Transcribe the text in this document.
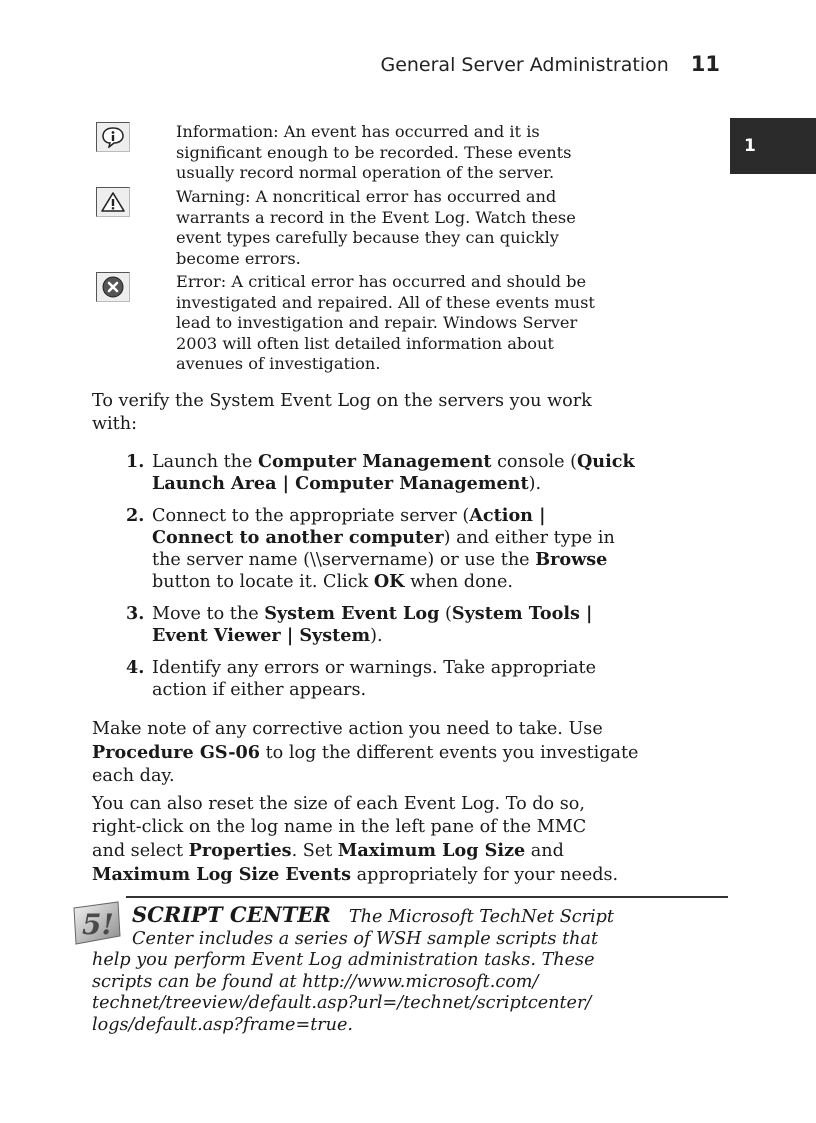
General Server Administration 11
1
Information: An event has occurred and it is
significant enough to be recorded. These events
usually record normal operation of the server.
Warning: A noncritical error has occurred and
warrants a record in the Event Log. Watch these
event types carefully because they can quickly
become errors.
Error: A critical error has occurred and should be
investigated and repaired. All of these events must
lead to investigation and repair. Windows Server
2003 will often list detailed information about
avenues of investigation.
To verify the System Event Log on the servers you work
with:
1. Launch the Computer Management console (Quick
Launch Area | Computer Management).
2. Connect to the appropriate server (Action |
Connect to another computer) and either type in
the server name (\\servername) or use the Browse
button to locate it. Click OK when done.
3. Move to the System Event Log (System Tools |
Event Viewer | System).
4. Identify any errors or warnings. Take appropriate
action if either appears.
Make note of any corrective action you need to take. Use
Procedure GS-06 to log the different events you investigate
each day.
You can also reset the size of each Event Log. To do so,
right-click on the log name in the left pane of the MMC
and select Properties. Set Maximum Log Size and
Maximum Log Size Events appropriately for your needs.
5! SCRIPT CENTER The Microsoft TechNet Script
Center includes a series of WSH sample scripts that
help you perform Event Log administration tasks. These
scripts can be found at http://www.microsoft.com/
technet/treeview/default.asp?url=/technet/scriptcenter/
logs/default.asp?frame=true.
